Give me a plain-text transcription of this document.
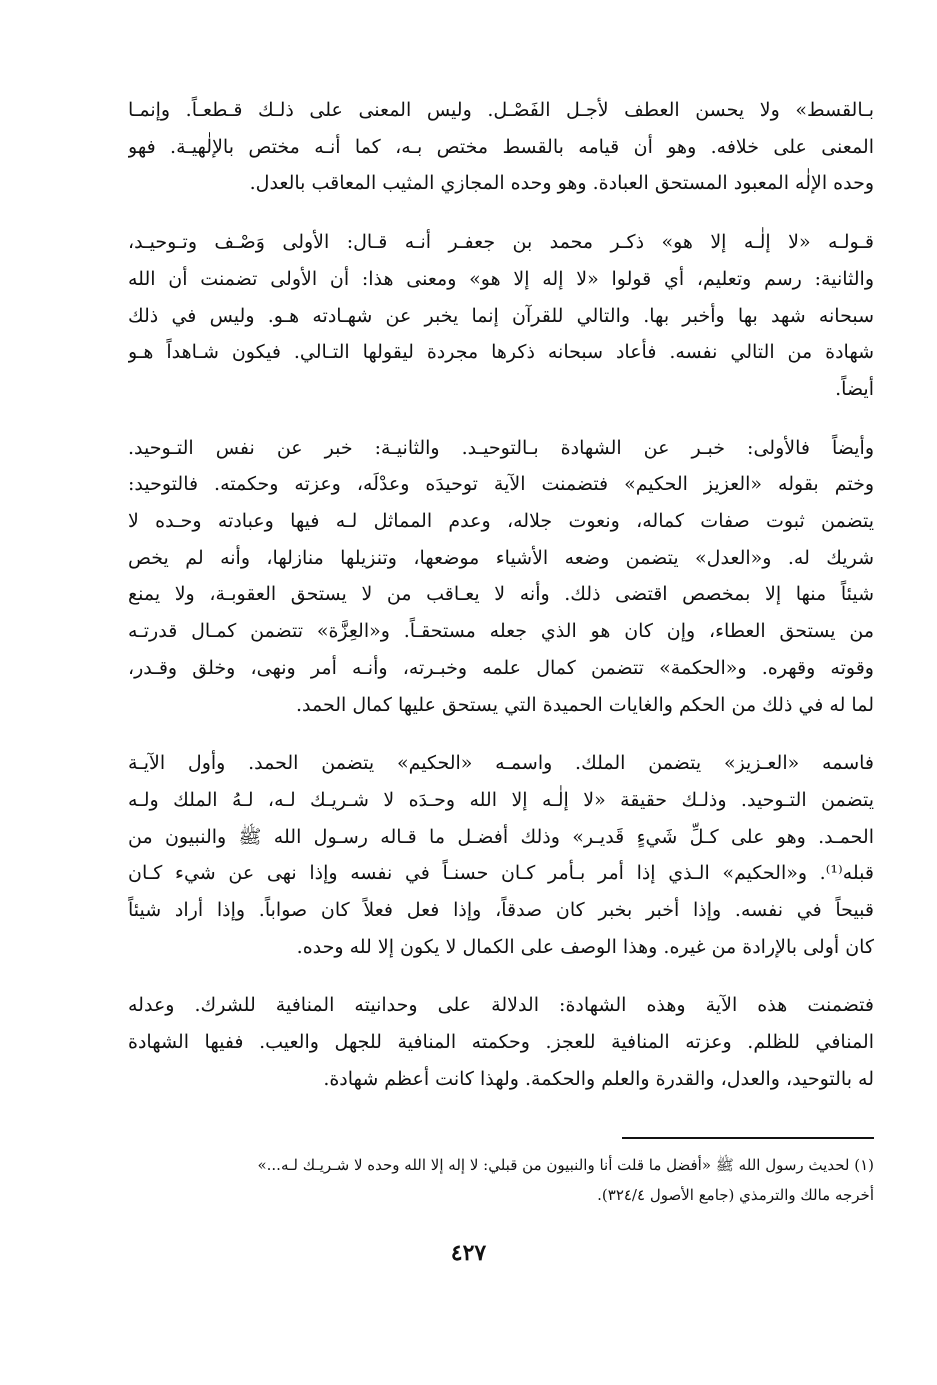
بـالقسط» ولا يحسن العطف لأجـل الفَصْـل. وليس المعنى على ذلـك قـطعـاً. وإنمـا
المعنى على خلافه. وهو أن قيامه بالقسط مختص بـه، كما أنـه مختص بالإلٰهيـة. فهو
وحده الإلٰه المعبود المستحق العبادة. وهو وحده المجازي المثيب المعاقب بالعدل.

قـولـه «لا إلٰـه إلا هو» ذكـر محمد بن جعفـر أنـه قـال: الأولى وَصْـف وتـوحيـد،
والثانية: رسم وتعليم، أي قولوا «لا إله إلا هو» ومعنى هذا: أن الأولى تضمنت أن الله
سبحانه شهد بها وأخبر بها. والتالي للقرآن إنما يخبر عن شهـادته هـو. وليس في ذلك
شهادة من التالي نفسه. فأعاد سبحانه ذكرها مجردة ليقولها التـالي. فيكون شـاهداً هـو
أيضاً.

وأيضاً فالأولى: خبـر عن الشهادة بـالتوحيـد. والثانيـة: خبر عن نفس التـوحيد.
وختم بقوله «العزيز الحكيم» فتضمنت الآية توحيدَه وعدْلَه، وعزته وحكمته. فالتوحيد:
يتضمن ثبوت صفات كماله، ونعوت جلاله، وعدم المماثل لـه فيها وعبادته وحـده لا
شريك له. و«العدل» يتضمن وضعه الأشياء موضعها، وتنزيلها منازلها، وأنه لم يخص
شيئاً منها إلا بمخصص اقتضى ذلك. وأنه لا يعـاقب من لا يستحق العقوبـة، ولا يمنع
من يستحق العطاء، وإن كان هو الذي جعله مستحقـاً. و«العِزَّة» تتضمن كمـال قدرتـه
وقوته وقهره. و«الحكمة» تتضمن كمال علمه وخبـرته، وأنـه أمر ونهى، وخلق وقـدر،
لما له في ذلك من الحكم والغايات الحميدة التي يستحق عليها كمال الحمد.

فاسمه «العـزيز» يتضمن الملك. واسمـه «الحكيم» يتضمن الحمد. وأول الآيـة
يتضمن التـوحيد. وذلـك حقيقة «لا إلٰـه إلا الله وحـدَه لا شـريـك لـه، لـهُ الملك ولـه
الحمـد. وهو على كـلِّ شَيءٍ قَديـر» وذلك أفضـل ما قـاله رسـول الله ﷺ والنبيون من
قبله⁽¹⁾. و«الحكيم» الـذي إذا أمر بـأمر كـان حسنـاً في نفسه وإذا نهى عن شيء كـان
قبيحاً في نفسه. وإذا أخبر بخبر كان صدقاً، وإذا فعل فعلاً كان صواباً. وإذا أراد شيئاً
كان أولى بالإرادة من غيره. وهذا الوصف على الكمال لا يكون إلا لله وحده.

فتضمنت هذه الآية وهذه الشهادة: الدلالة على وحدانيته المنافية للشرك. وعدله
المنافي للظلم. وعزته المنافية للعجز. وحكمته المنافية للجهل والعيب. ففيها الشهادة
له بالتوحيد، والعدل، والقدرة والعلم والحكمة. ولهذا كانت أعظم شهادة.

(١) لحديث رسول الله ﷺ «أفضل ما قلت أنا والنبيون من قبلي: لا إله إلا الله وحده لا شـريـك لـه...»
أخرجه مالك والترمذي (جامع الأصول ٣٢٤/٤).
٤٢٧
